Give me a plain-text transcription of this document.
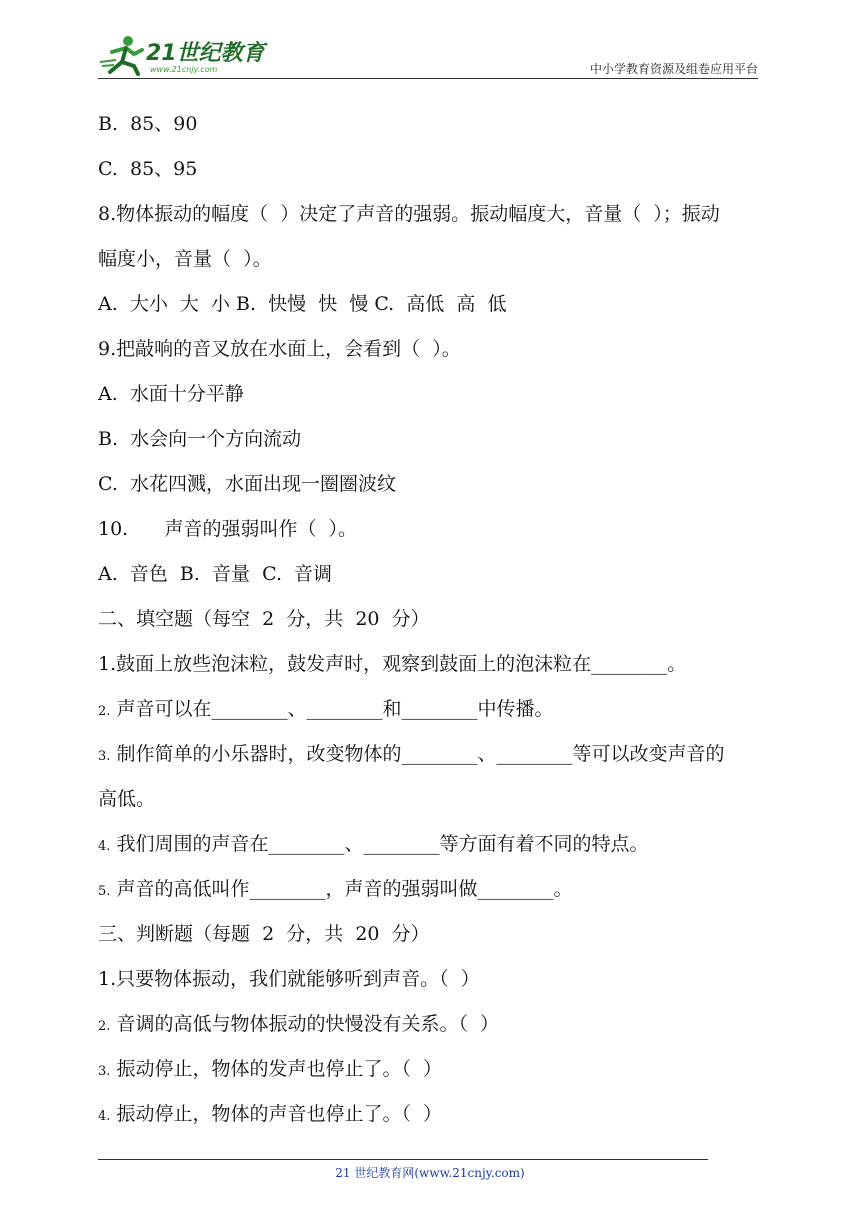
21世纪教育
www.21cnjy.com	中小学教育资源及组卷应用平台
B.  85、90
C.  85、95
8.物体振动的幅度（  ）决定了声音的强弱。振动幅度大，音量（  ）；振动
幅度小，音量（  ）。
A.  大小  大  小 B.  快慢  快  慢 C.  高低  高  低
9.把敲响的音叉放在水面上，会看到（  ）。
A.  水面十分平静
B.  水会向一个方向流动
C.  水花四溅，水面出现一圈圈波纹
10.      声音的强弱叫作（  ）。
A.  音色  B.  音量  C.  音调
二、填空题（每空  2  分，共  20  分）
1.鼓面上放些泡沫粒，鼓发声时，观察到鼓面上的泡沫粒在________。
2. 声音可以在________、________和________中传播。
3. 制作简单的小乐器时，改变物体的________、________等可以改变声音的
高低。
4. 我们周围的声音在________、________等方面有着不同的特点。
5. 声音的高低叫作________，声音的强弱叫做________。
三、判断题（每题  2  分，共  20  分）
1.只要物体振动，我们就能够听到声音。（  ）
2. 音调的高低与物体振动的快慢没有关系。（  ）
3. 振动停止，物体的发声也停止了。（  ）
4. 振动停止，物体的声音也停止了。（  ）
21 世纪教育网(www.21cnjy.com)
